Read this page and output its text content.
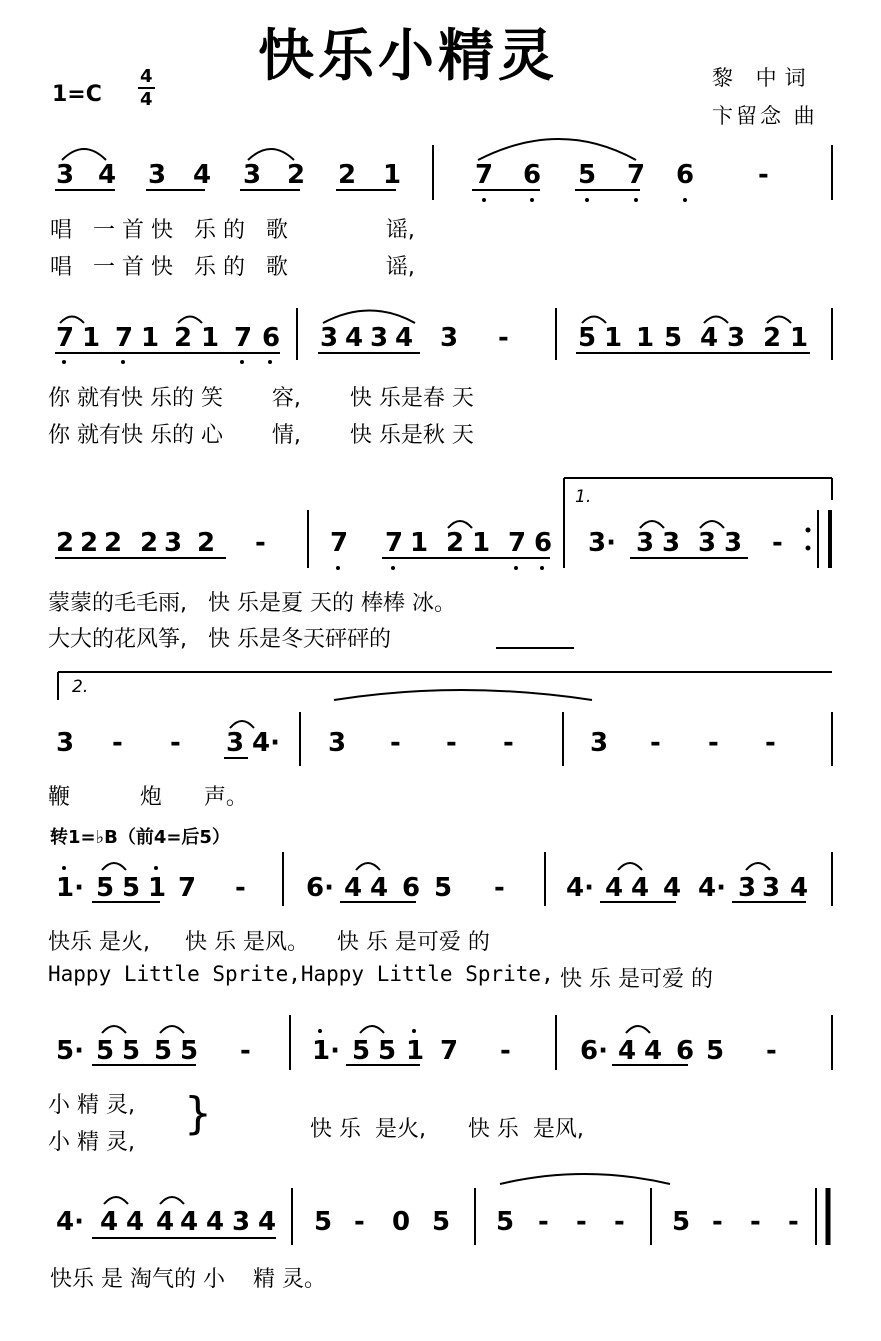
快乐小精灵
1=C
4
4
黎 中词
卞留念 曲
3 4 3 4 3 2 2 1	7 6 5 7 6 -
唱   一 首 快   乐 的   歌              谣,
唱   一 首 快   乐 的   歌              谣,
7 1 7 1 2 1 7 6 3 4 3 4 3 -	5 1 1 5 4 3 2 1
你 就有快 乐的 笑       容,       快 乐是春 天
你 就有快 乐的 心       情,       快 乐是秋 天
1.
2 2 2 2 3 2 - 7 7 1 2 1 7 6 3· 3 3 3 3 -
蒙蒙的毛毛雨,   快 乐是夏 天的 棒棒 冰。
大大的花风筝,   快 乐是冬天砰砰的
2.
3 - - 3 4· 3 - - -	3 - - -
鞭          炮      声。
转1=♭B（前4=后5）
1· 5 5 1 7 - 6· 4 4 6 5 - 4· 4 4 4 4· 3 3 4
快乐 是火,     快 乐 是风。    快 乐 是可爱 的
Happy Little Sprite,Happy Little Sprite, 快 乐 是可爱 的
5· 5 5 5 5 - 1· 5 5 1 7 -	6· 4 4 6 5 -
小 精 灵,
小 精 灵,
}	快 乐  是火,      快 乐  是风,
4· 4 4 4 4 4 3 4 5 - 0 5 5 - - - 5 - - -
快乐 是 淘气的 小    精 灵。
